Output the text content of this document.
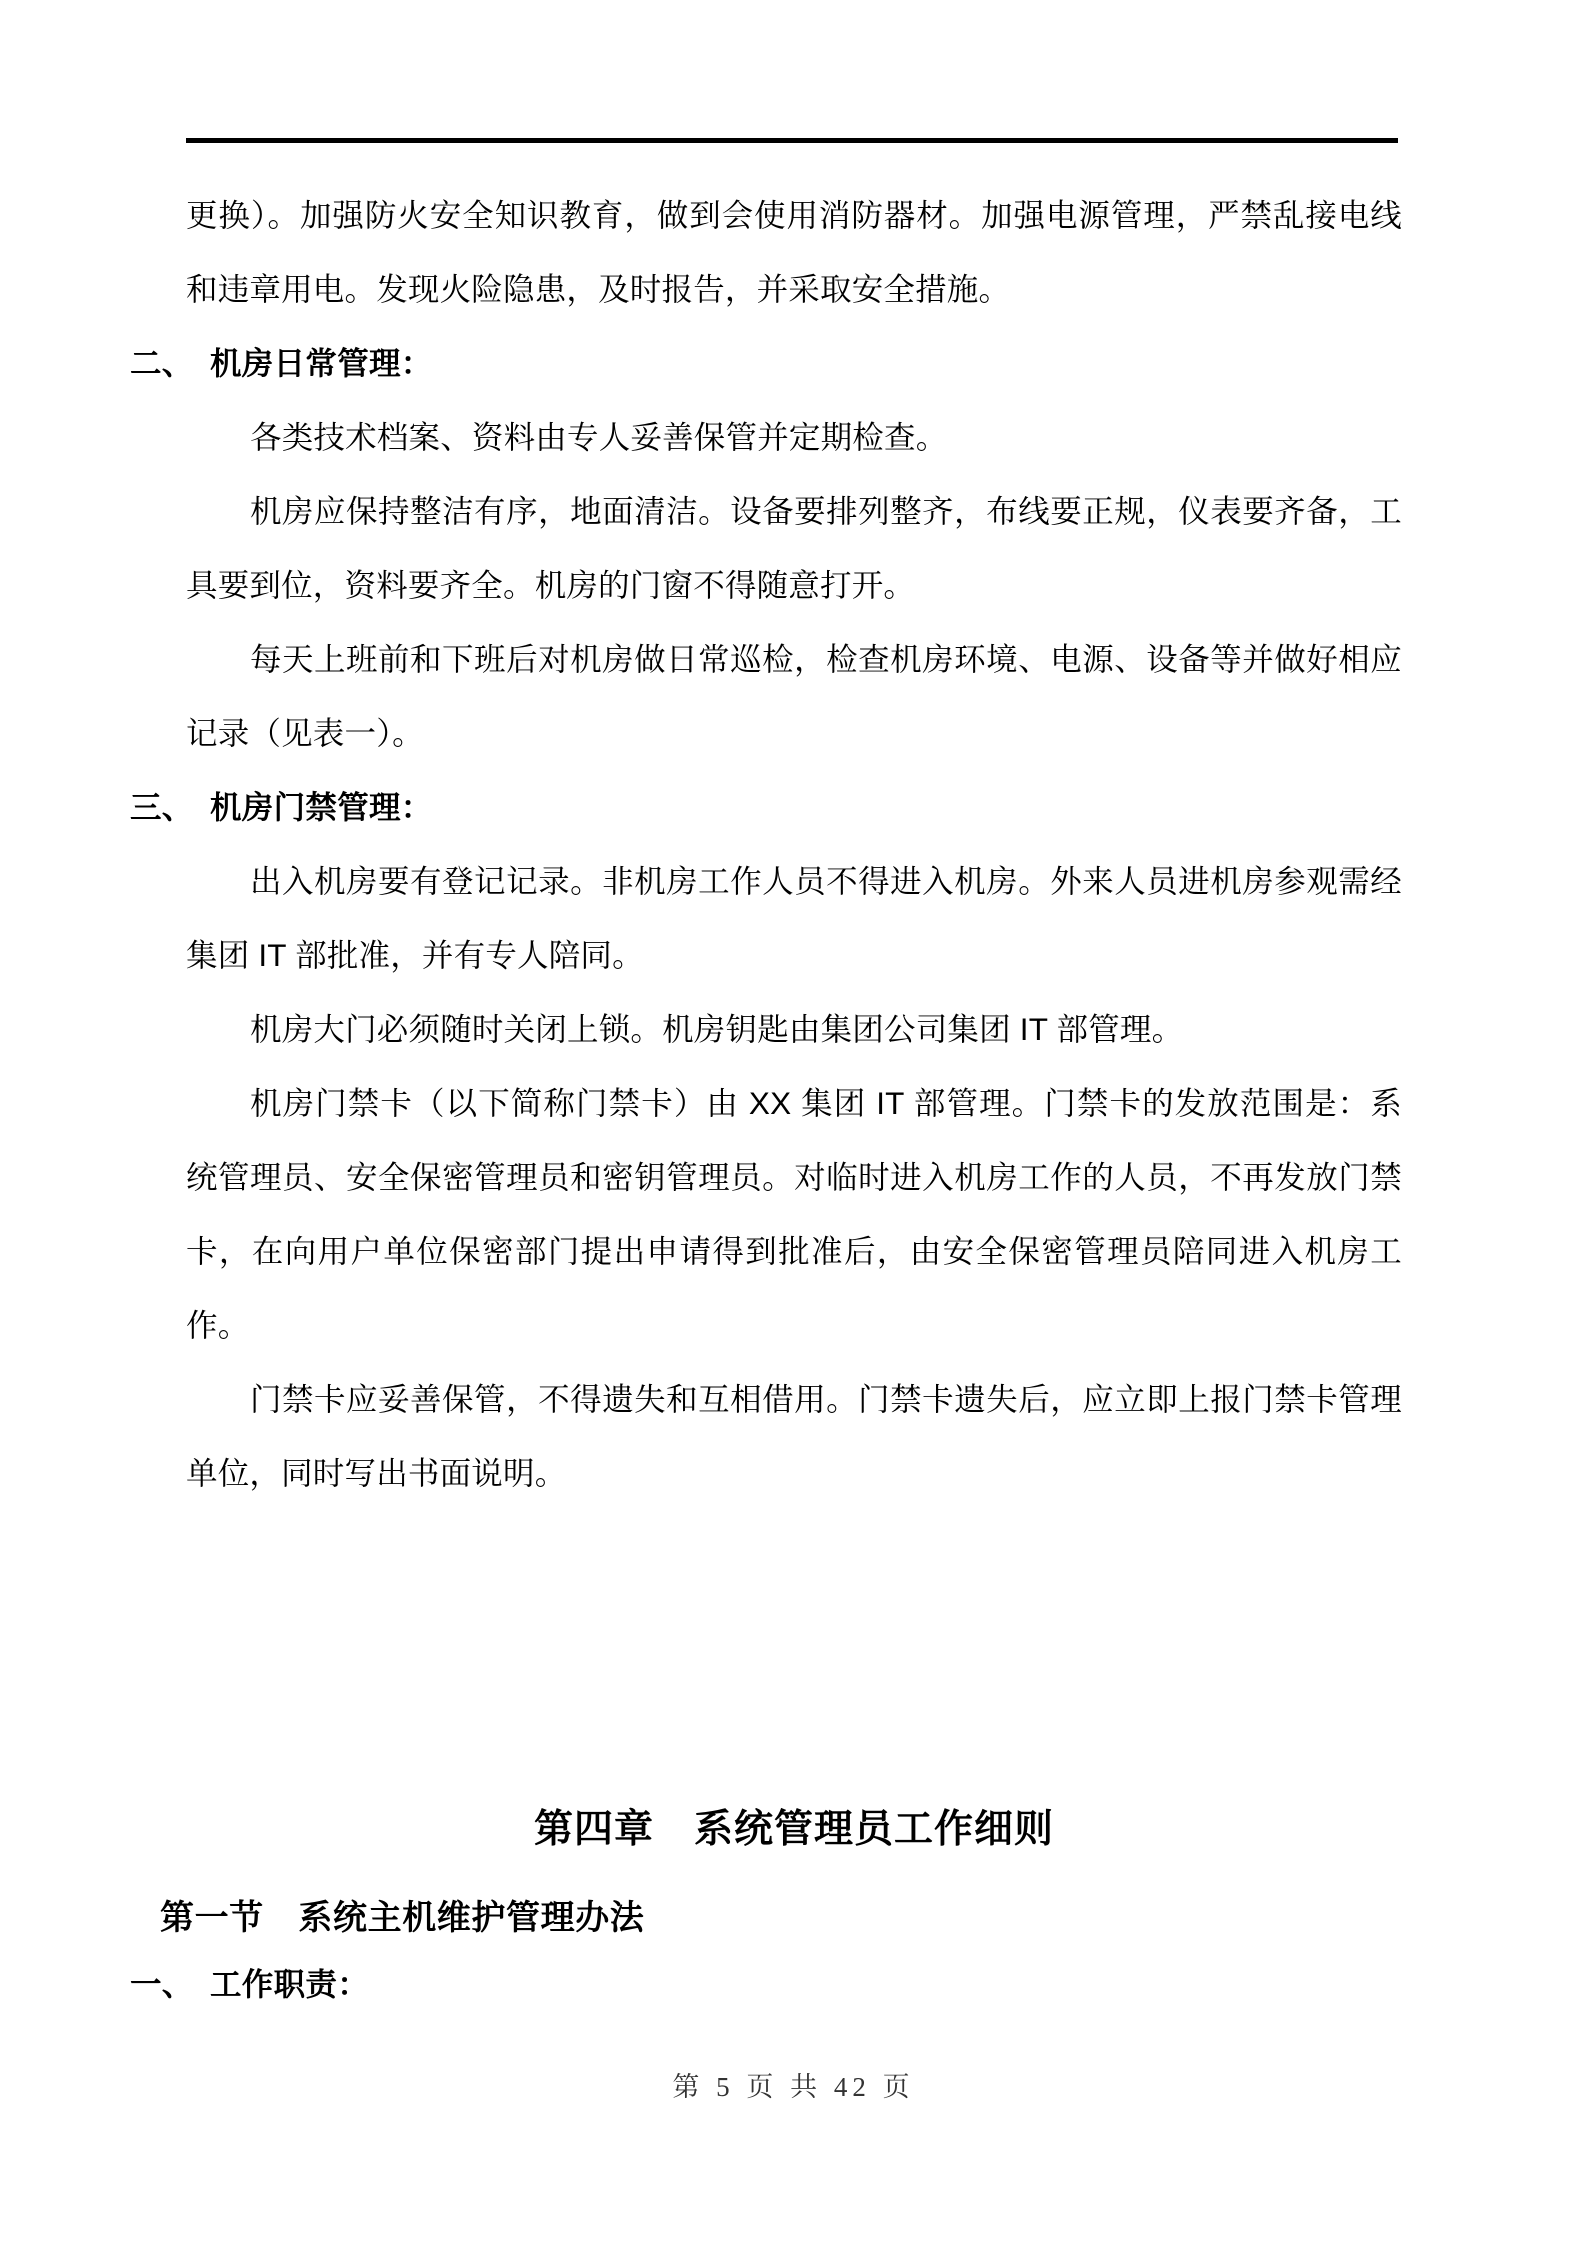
更换）。加强防火安全知识教育，做到会使用消防器材。加强电源管理，严禁乱接电线和违章用电。发现火险隐患，及时报告，并采取安全措施。

二、 机房日常管理：

各类技术档案、资料由专人妥善保管并定期检查。

机房应保持整洁有序，地面清洁。设备要排列整齐，布线要正规，仪表要齐备，工具要到位，资料要齐全。机房的门窗不得随意打开。

每天上班前和下班后对机房做日常巡检，检查机房环境、电源、设备等并做好相应记录（见表一）。

三、 机房门禁管理：

出入机房要有登记记录。非机房工作人员不得进入机房。外来人员进机房参观需经集团 IT 部批准，并有专人陪同。

机房大门必须随时关闭上锁。机房钥匙由集团公司集团 IT 部管理。

机房门禁卡（以下简称门禁卡）由 XX 集团 IT 部管理。门禁卡的发放范围是：系统管理员、安全保密管理员和密钥管理员。对临时进入机房工作的人员，不再发放门禁卡，在向用户单位保密部门提出申请得到批准后，由安全保密管理员陪同进入机房工作。

门禁卡应妥善保管，不得遗失和互相借用。门禁卡遗失后，应立即上报门禁卡管理单位，同时写出书面说明。

第四章　系统管理员工作细则
第一节　系统主机维护管理办法
一、 工作职责：
第 5 页 共 42 页
